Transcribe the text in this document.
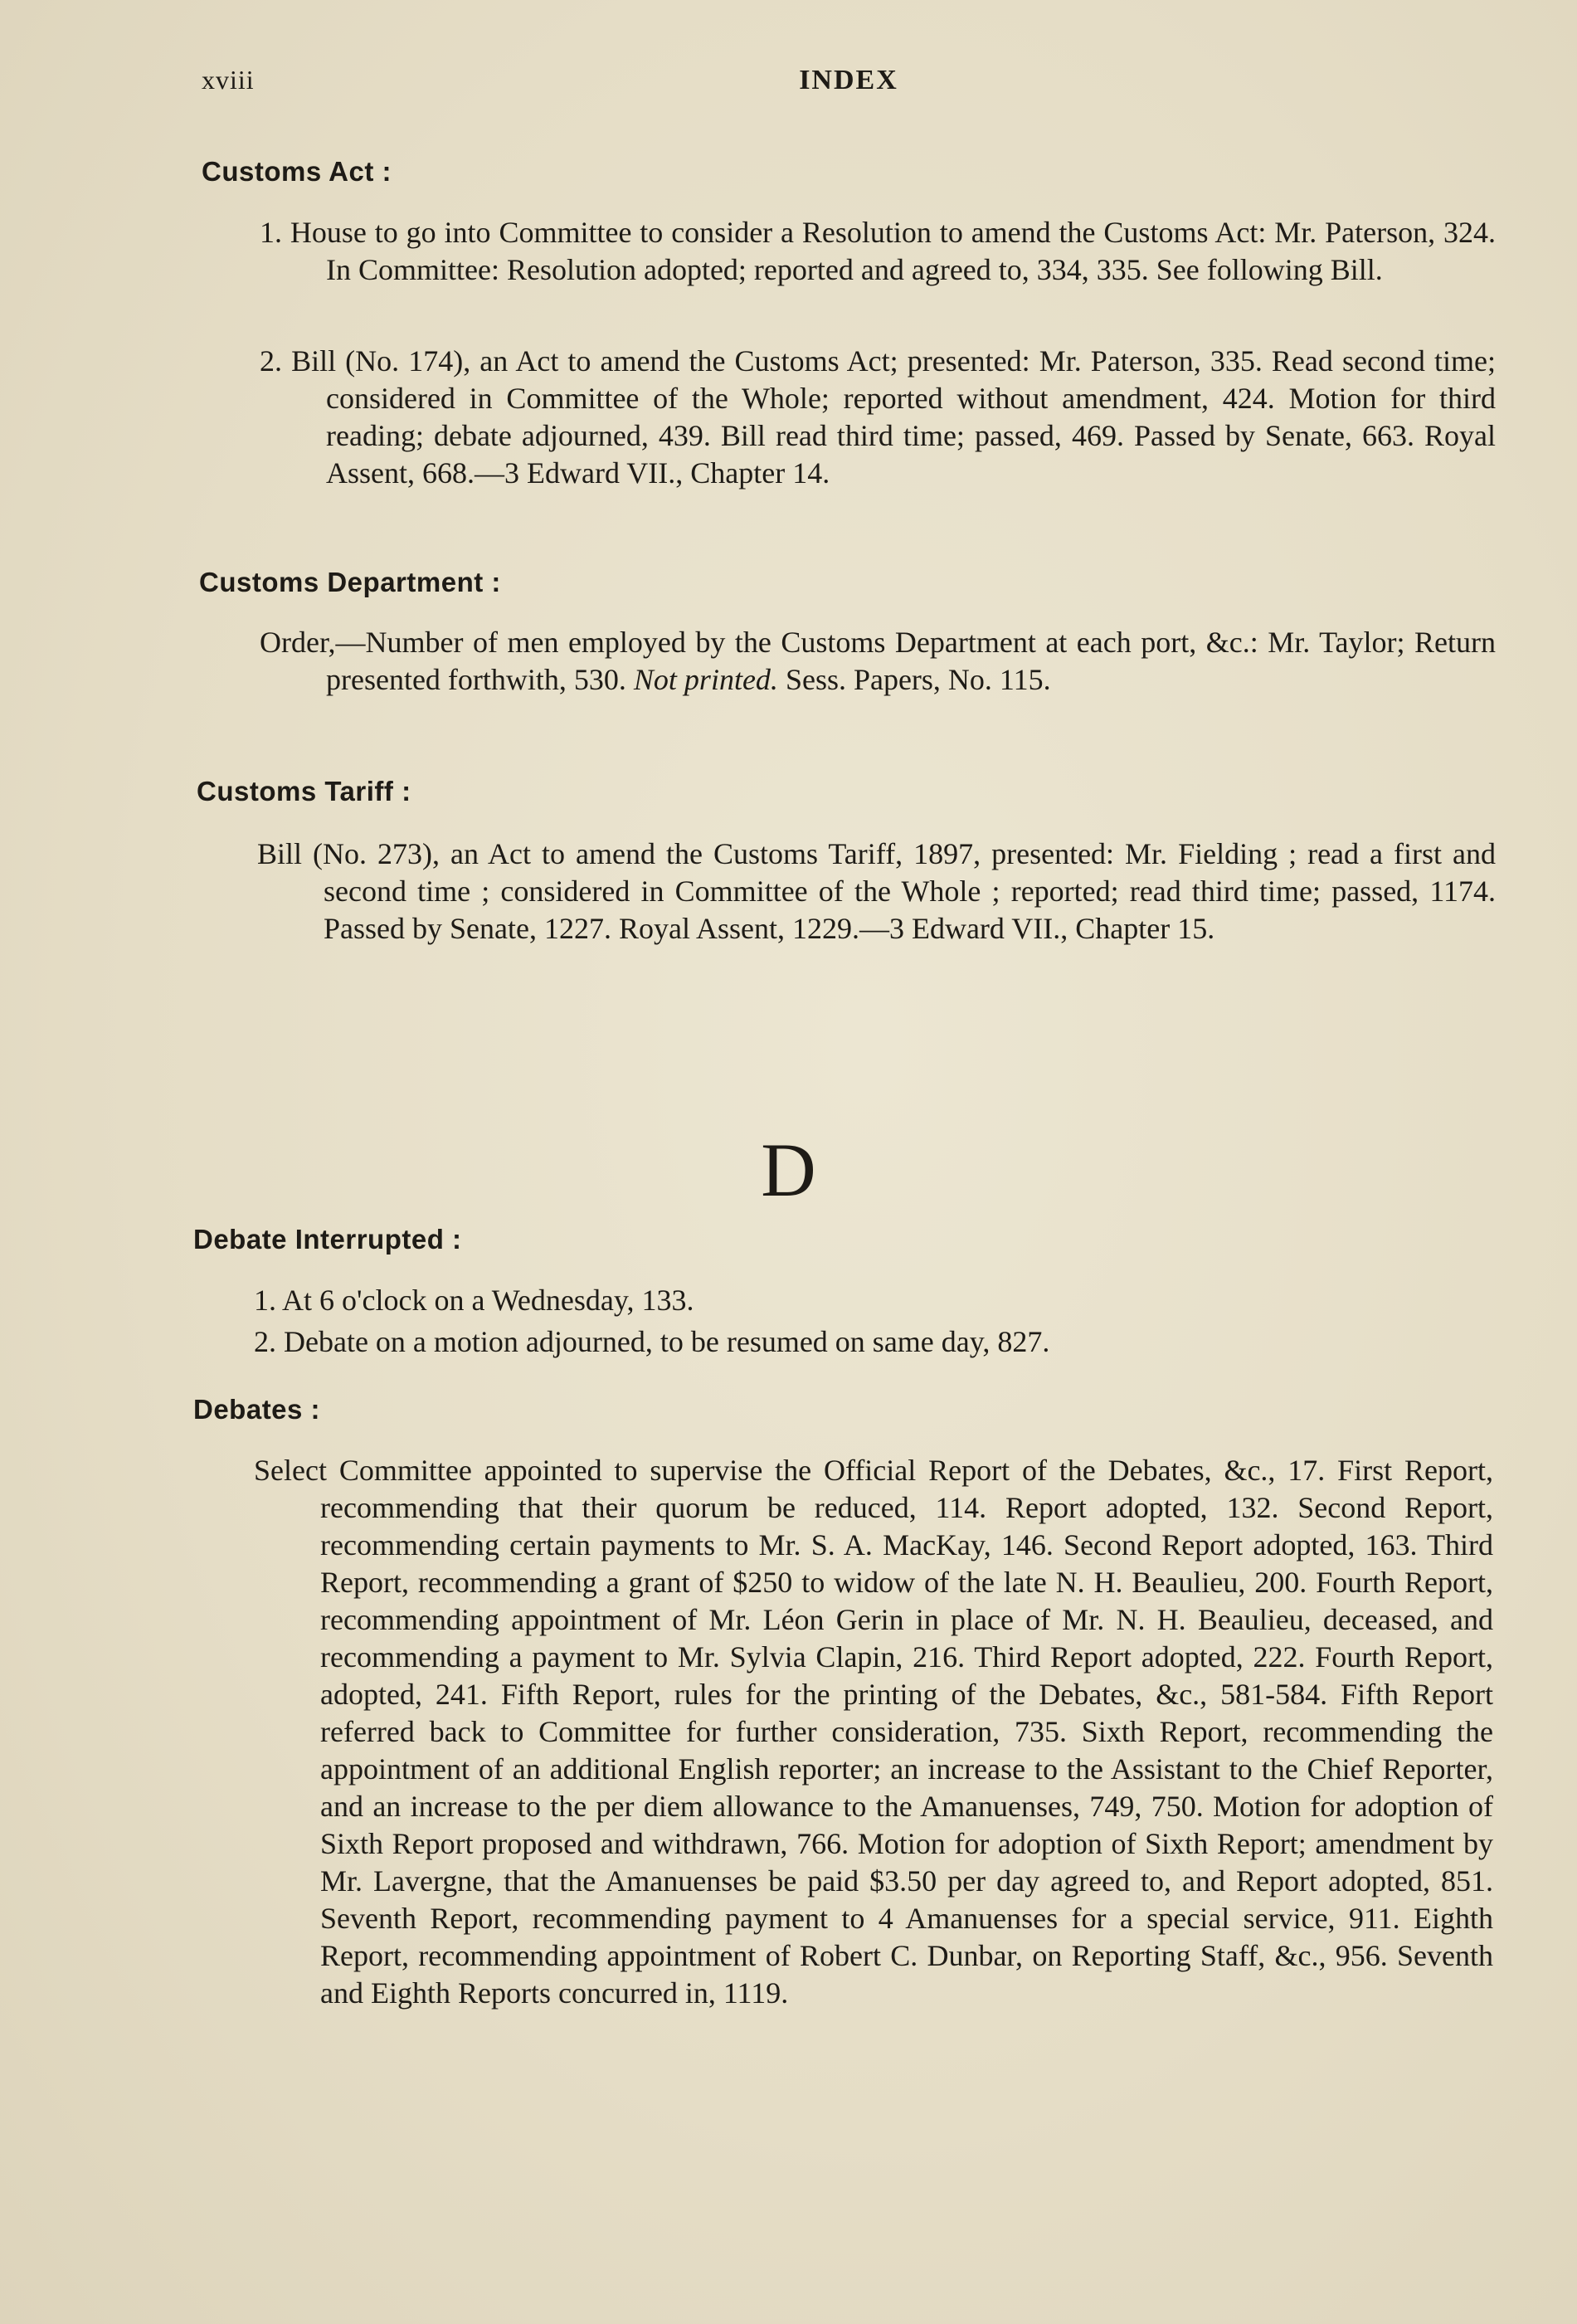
xviii	INDEX
Customs Act :
1. House to go into Committee to consider a Resolution to amend the Customs Act: Mr. Paterson, 324. In Committee: Resolution adopted; reported and agreed to, 334, 335. See following Bill.
2. Bill (No. 174), an Act to amend the Customs Act; presented: Mr. Paterson, 335. Read second time; considered in Committee of the Whole; reported without amendment, 424. Motion for third reading; debate adjourned, 439. Bill read third time; passed, 469. Passed by Senate, 663. Royal Assent, 668.—3 Edward VII., Chapter 14.
Customs Department :
Order,—Number of men employed by the Customs Department at each port, &c.: Mr. Taylor; Return presented forthwith, 530. Not printed. Sess. Papers, No. 115.
Customs Tariff :
Bill (No. 273), an Act to amend the Customs Tariff, 1897, presented: Mr. Fielding ; read a first and second time ; considered in Committee of the Whole ; reported; read third time; passed, 1174. Passed by Senate, 1227. Royal Assent, 1229.—3 Edward VII., Chapter 15.
D
Debate Interrupted :
1. At 6 o'clock on a Wednesday, 133.
2. Debate on a motion adjourned, to be resumed on same day, 827.
Debates :
Select Committee appointed to supervise the Official Report of the Debates, &c., 17. First Report, recommending that their quorum be reduced, 114. Report adopted, 132. Second Report, recommending certain payments to Mr. S. A. MacKay, 146. Second Report adopted, 163. Third Report, recommending a grant of $250 to widow of the late N. H. Beaulieu, 200. Fourth Report, recommending appointment of Mr. Léon Gerin in place of Mr. N. H. Beaulieu, deceased, and recommending a payment to Mr. Sylvia Clapin, 216. Third Report adopted, 222. Fourth Report, adopted, 241. Fifth Report, rules for the printing of the Debates, &c., 581-584. Fifth Report referred back to Committee for further consideration, 735. Sixth Report, recommending the appointment of an additional English reporter; an increase to the Assistant to the Chief Reporter, and an increase to the per diem allowance to the Amanuenses, 749, 750. Motion for adoption of Sixth Report proposed and withdrawn, 766. Motion for adoption of Sixth Report; amendment by Mr. Lavergne, that the Amanuenses be paid $3.50 per day agreed to, and Report adopted, 851. Seventh Report, recommending payment to 4 Amanuenses for a special service, 911. Eighth Report, recommending appointment of Robert C. Dunbar, on Reporting Staff, &c., 956. Seventh and Eighth Reports concurred in, 1119.
